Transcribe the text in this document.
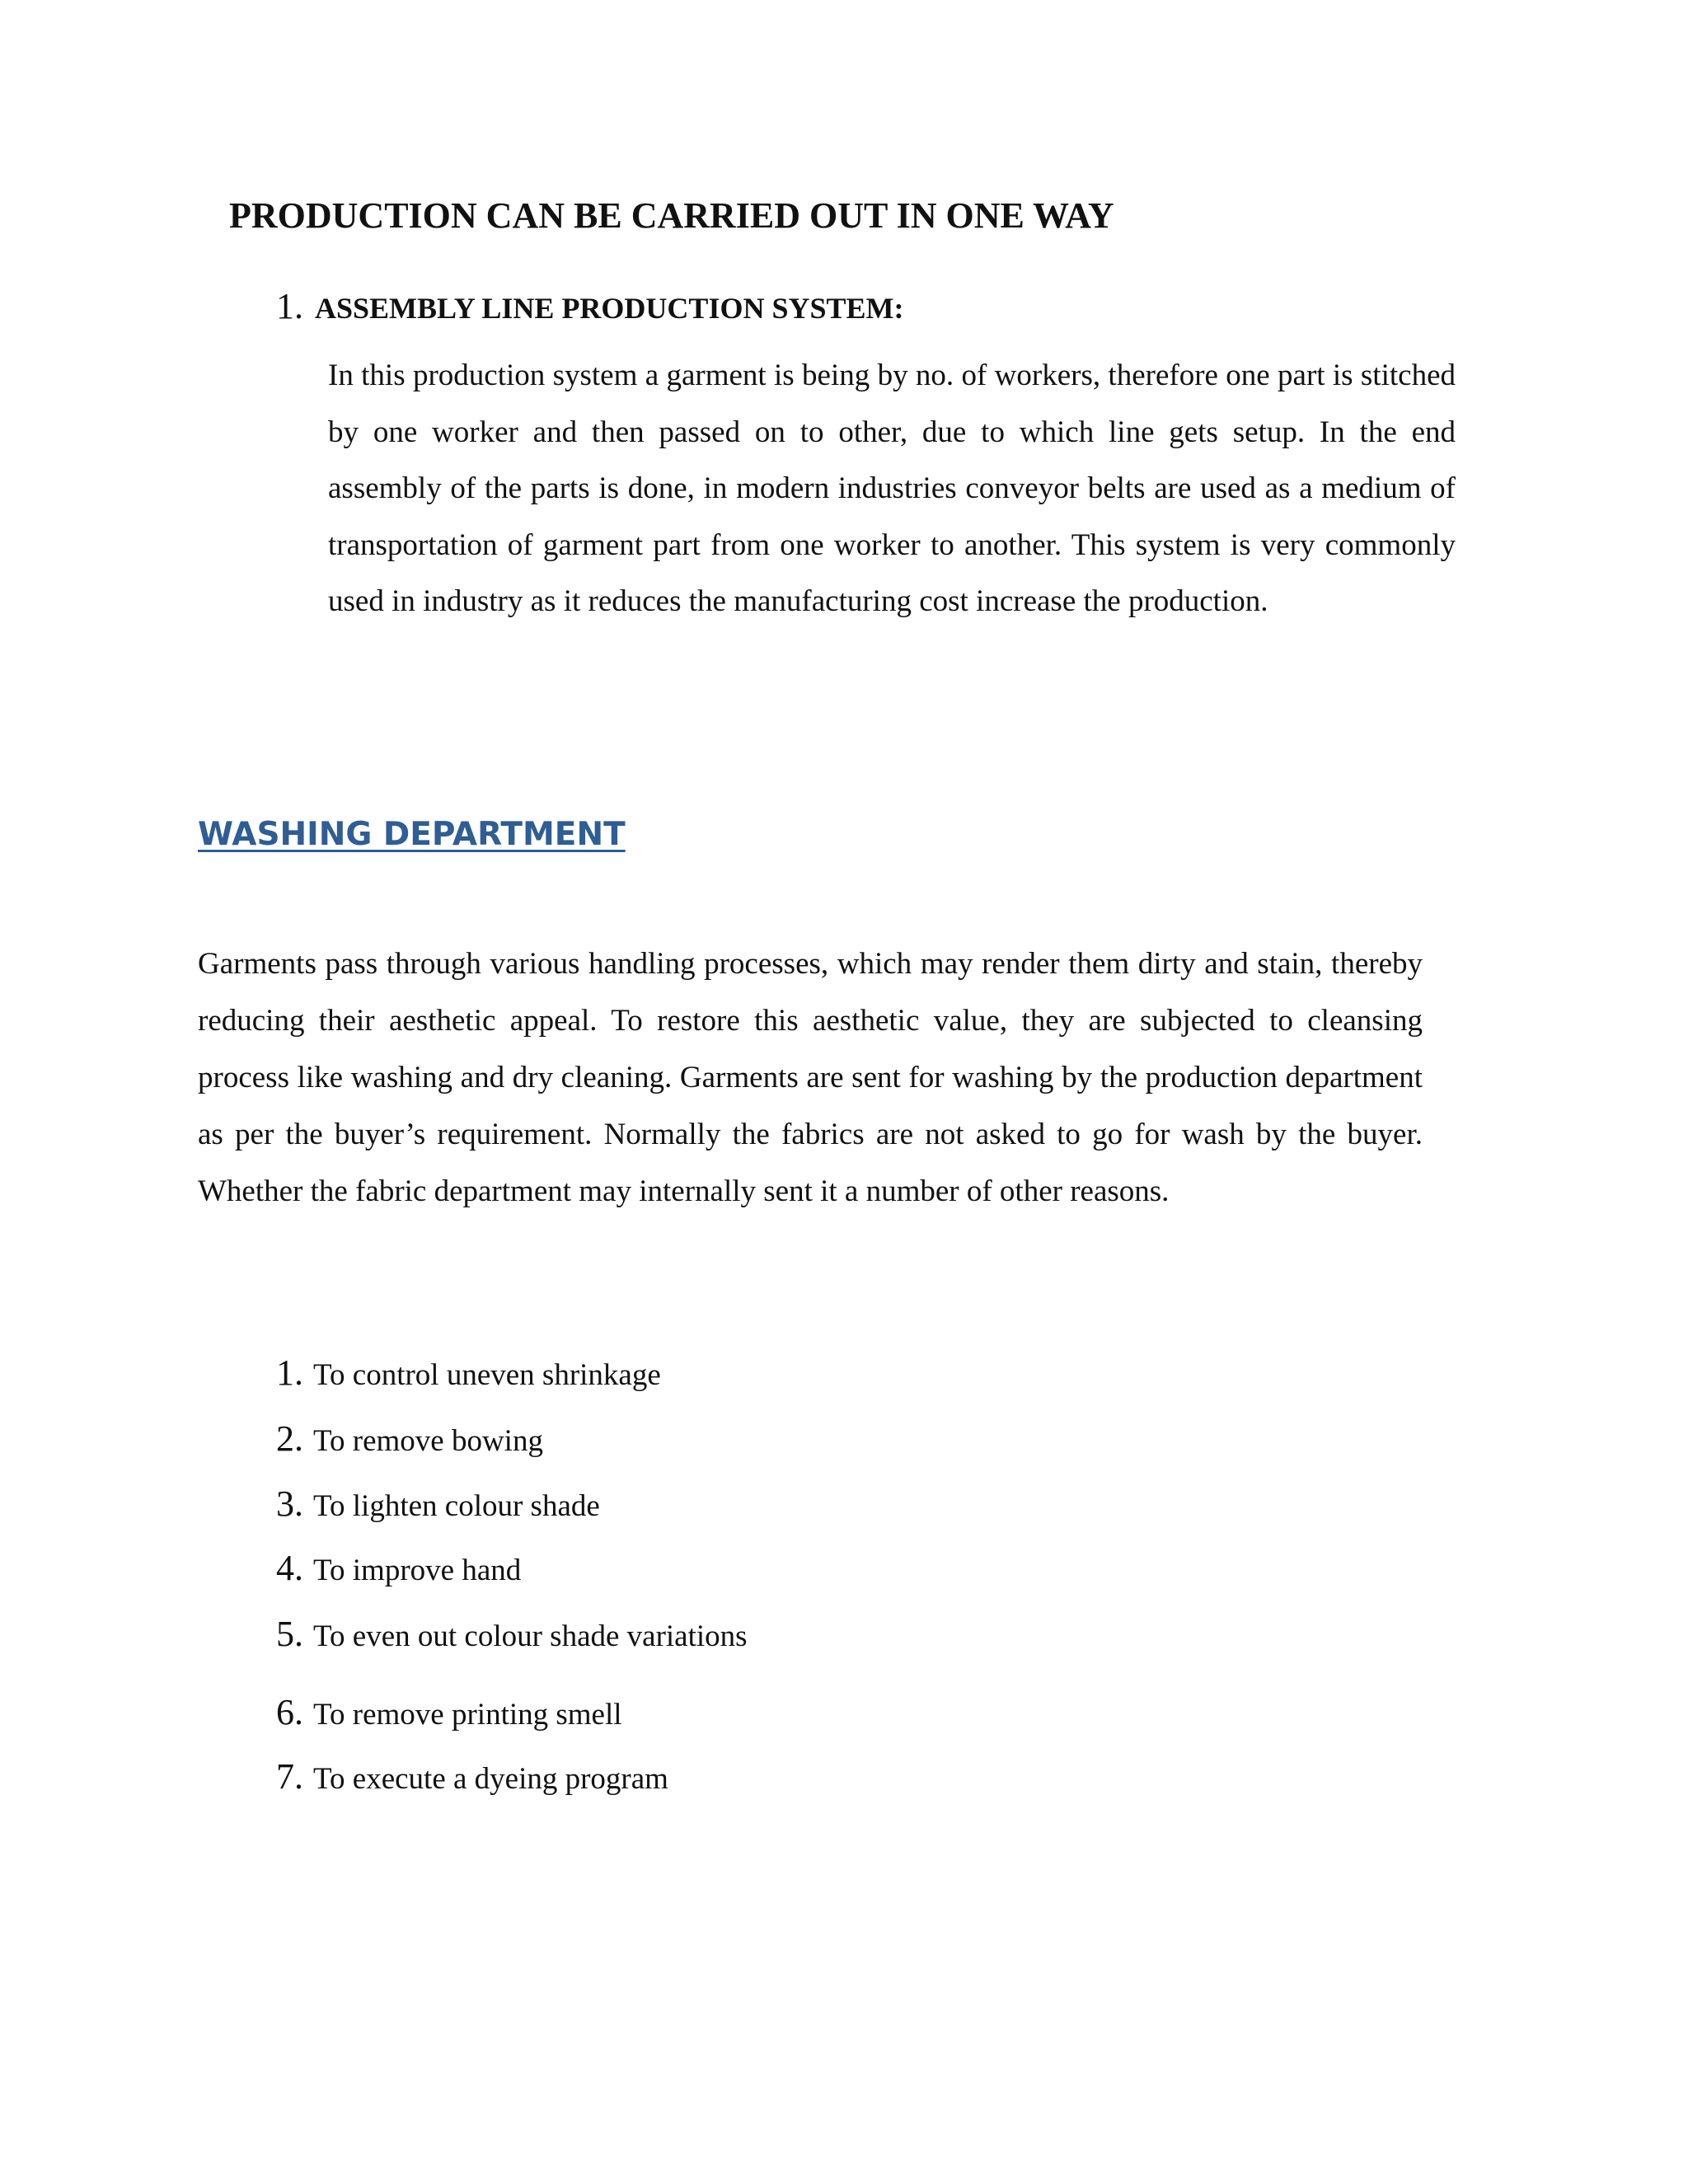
PRODUCTION CAN BE CARRIED OUT IN ONE WAY
1. ASSEMBLY LINE PRODUCTION SYSTEM:

In this production system a garment is being by no. of workers, therefore one part is stitched by one worker and then passed on to other, due to which line gets setup. In the end assembly of the parts is done, in modern industries conveyor belts are used as a medium of transportation of garment part from one worker to another. This system is very commonly used in industry as it reduces the manufacturing cost increase the production.

WASHING DEPARTMENT

Garments pass through various handling processes, which may render them dirty and stain, thereby reducing their aesthetic appeal. To restore this aesthetic value, they are subjected to cleansing process like washing and dry cleaning. Garments are sent for washing by the production department as per the buyer’s requirement. Normally the fabrics are not asked to go for wash by the buyer. Whether the fabric department may internally sent it a number of other reasons.

1. To control uneven shrinkage
2. To remove bowing
3. To lighten colour shade
4. To improve hand
5. To even out colour shade variations
6. To remove printing smell
7. To execute a dyeing program
